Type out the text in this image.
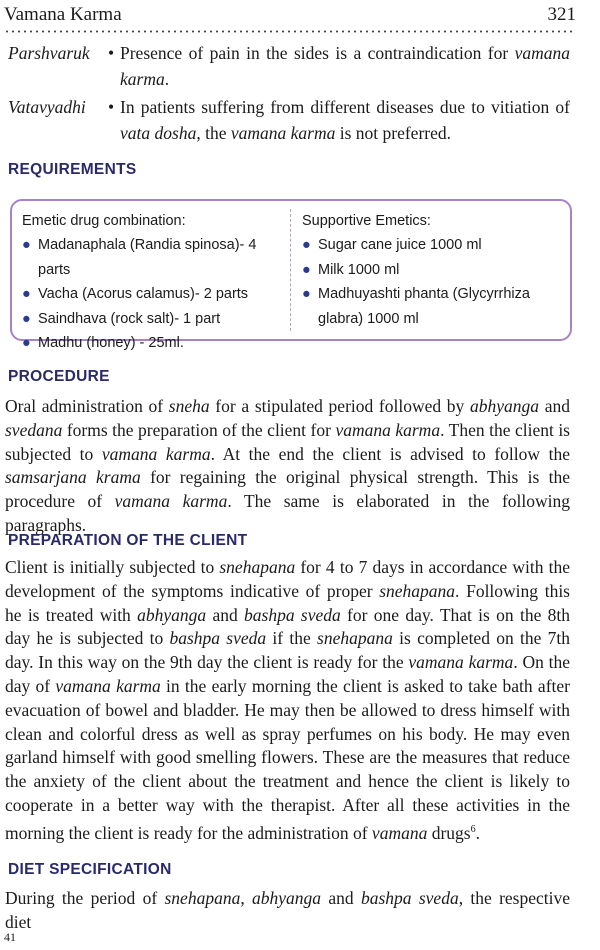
Vamana Karma	321
Parshvaruk • Presence of pain in the sides is a contraindication for vamana karma.
Vatavyadhi • In patients suffering from different diseases due to vitiation of vata dosha, the vamana karma is not preferred.
REQUIREMENTS
Emetic drug combination:
● Madanaphala (Randia spinosa)- 4 parts
● Vacha (Acorus calamus)- 2 parts
● Saindhava (rock salt)- 1 part
● Madhu (honey) - 25ml.
Supportive Emetics:
● Sugar cane juice 1000 ml
● Milk 1000 ml
● Madhuyashti phanta (Glycyrrhiza glabra) 1000 ml
PROCEDURE
Oral administration of sneha for a stipulated period followed by abhyanga and svedana forms the preparation of the client for vamana karma. Then the client is subjected to vamana karma. At the end the client is advised to follow the samsarjana krama for regaining the original physical strength. This is the procedure of vamana karma. The same is elaborated in the following paragraphs.
PREPARATION OF THE CLIENT
Client is initially subjected to snehapana for 4 to 7 days in accordance with the development of the symptoms indicative of proper snehapana. Following this he is treated with abhyanga and bashpa sveda for one day. That is on the 8th day he is subjected to bashpa sveda if the snehapana is completed on the 7th day. In this way on the 9th day the client is ready for the vamana karma. On the day of vamana karma in the early morning the client is asked to take bath after evacuation of bowel and bladder. He may then be allowed to dress himself with clean and colorful dress as well as spray perfumes on his body. He may even garland himself with good smelling flowers. These are the measures that reduce the anxiety of the client about the treatment and hence the client is likely to cooperate in a better way with the therapist. After all these activities in the morning the client is ready for the administration of vamana drugs$^6$.
DIET SPECIFICATION
During the period of snehapana, abhyanga and bashpa sveda, the respective diet
41
